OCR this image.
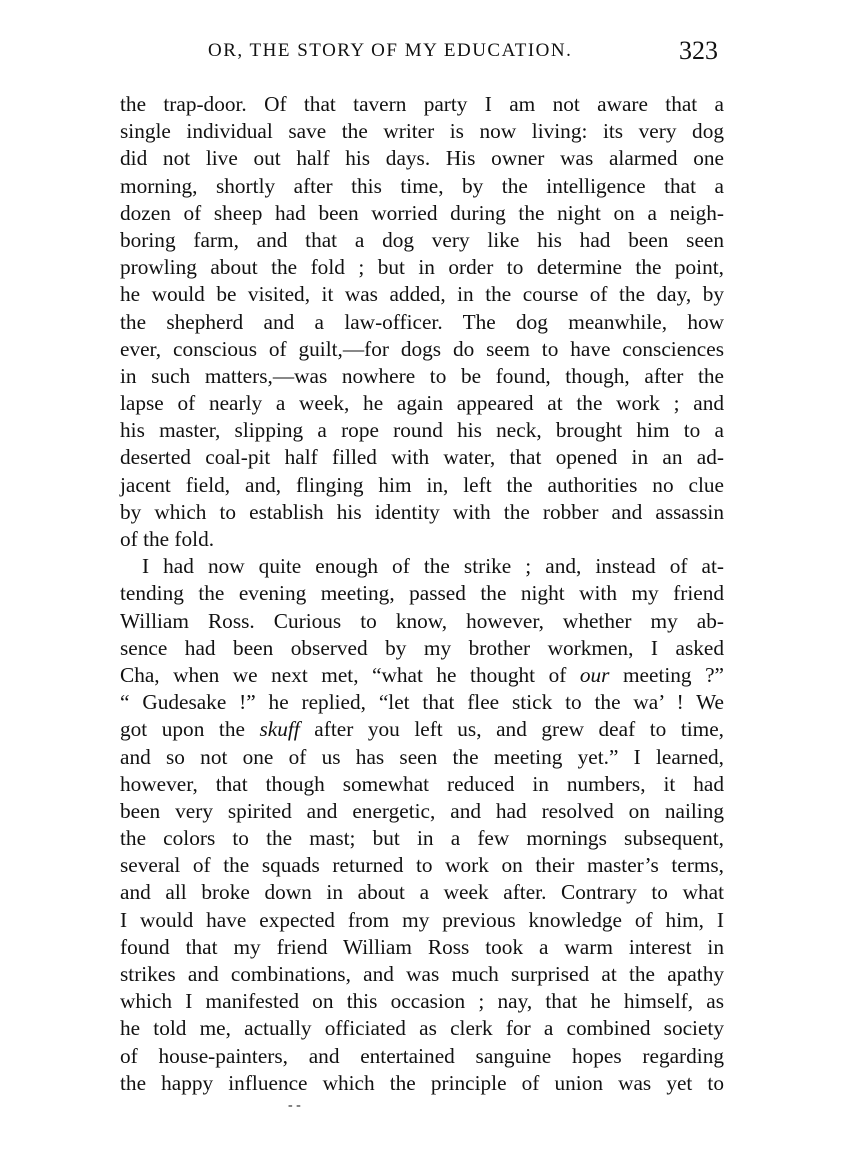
OR, THE STORY OF MY EDUCATION.	323
the trap-door. Of that tavern party I am not aware that a
single individual save the writer is now living: its very dog
did not live out half his days. His owner was alarmed one
morning, shortly after this time, by the intelligence that a
dozen of sheep had been worried during the night on a neigh-
boring farm, and that a dog very like his had been seen
prowling about the fold ; but in order to determine the point,
he would be visited, it was added, in the course of the day, by
the shepherd and a law-officer. The dog meanwhile, how
ever, conscious of guilt,—for dogs do seem to have consciences
in such matters,—was nowhere to be found, though, after the
lapse of nearly a week, he again appeared at the work ; and
his master, slipping a rope round his neck, brought him to a
deserted coal-pit half filled with water, that opened in an ad-
jacent field, and, flinging him in, left the authorities no clue
by which to establish his identity with the robber and assassin
of the fold.
I had now quite enough of the strike ; and, instead of at-
tending the evening meeting, passed the night with my friend
William Ross. Curious to know, however, whether my ab-
sence had been observed by my brother workmen, I asked
Cha, when we next met, “what he thought of our meeting ?”
“ Gudesake !” he replied, “let that flee stick to the wa’ ! We
got upon the skuff after you left us, and grew deaf to time,
and so not one of us has seen the meeting yet.” I learned,
however, that though somewhat reduced in numbers, it had
been very spirited and energetic, and had resolved on nailing
the colors to the mast; but in a few mornings subsequent,
several of the squads returned to work on their master’s terms,
and all broke down in about a week after. Contrary to what
I would have expected from my previous knowledge of him, I
found that my friend William Ross took a warm interest in
strikes and combinations, and was much surprised at the apathy
which I manifested on this occasion ; nay, that he himself, as
he told me, actually officiated as clerk for a combined society
of house-painters, and entertained sanguine hopes regarding
the happy influence which the principle of union was yet to
- -
